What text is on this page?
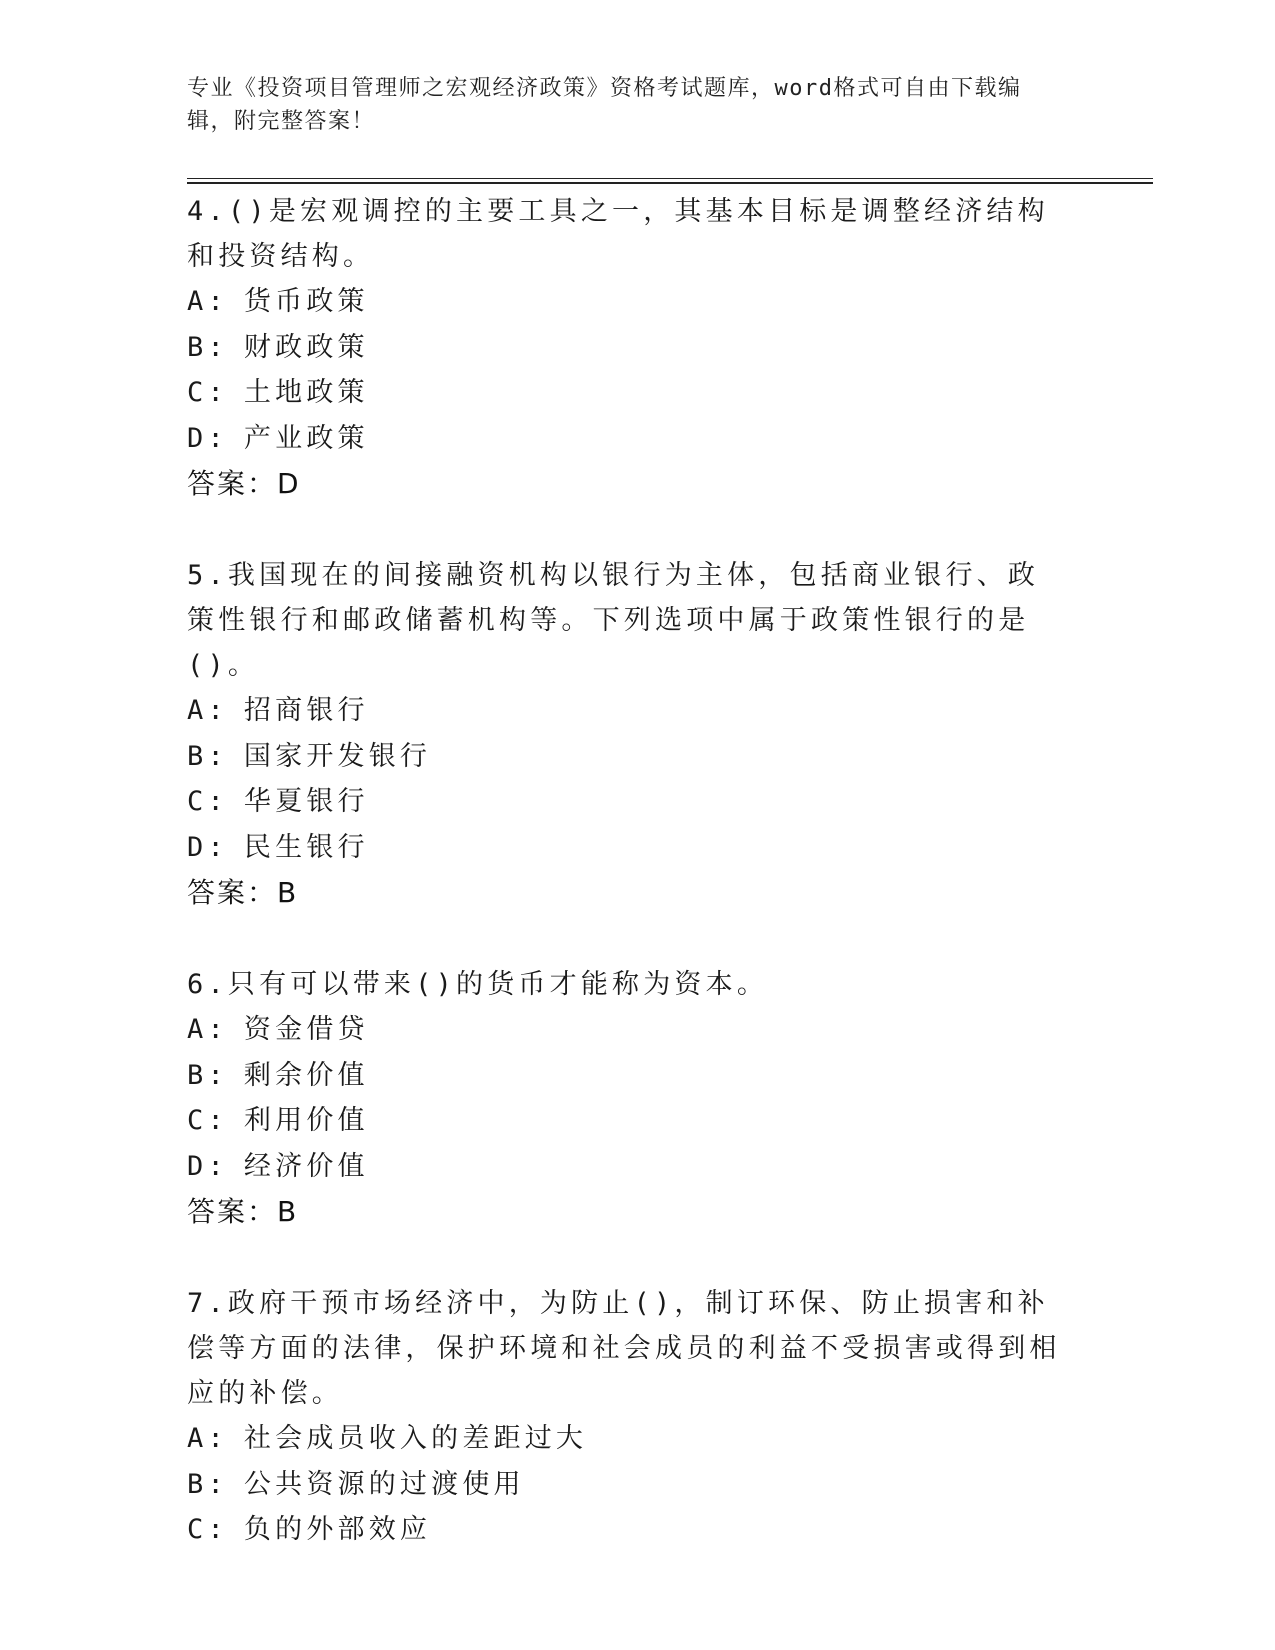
专业《投资项目管理师之宏观经济政策》资格考试题库，word格式可自由下载编辑，附完整答案！
4.()是宏观调控的主要工具之一，其基本目标是调整经济结构和投资结构。
A: 货币政策
B: 财政政策
C: 土地政策
D: 产业政策
答案：D
5.我国现在的间接融资机构以银行为主体，包括商业银行、政策性银行和邮政储蓄机构等。下列选项中属于政策性银行的是()。
A: 招商银行
B: 国家开发银行
C: 华夏银行
D: 民生银行
答案：B
6.只有可以带来()的货币才能称为资本。
A: 资金借贷
B: 剩余价值
C: 利用价值
D: 经济价值
答案：B
7.政府干预市场经济中，为防止()，制订环保、防止损害和补偿等方面的法律，保护环境和社会成员的利益不受损害或得到相应的补偿。
A: 社会成员收入的差距过大
B: 公共资源的过渡使用
C: 负的外部效应
